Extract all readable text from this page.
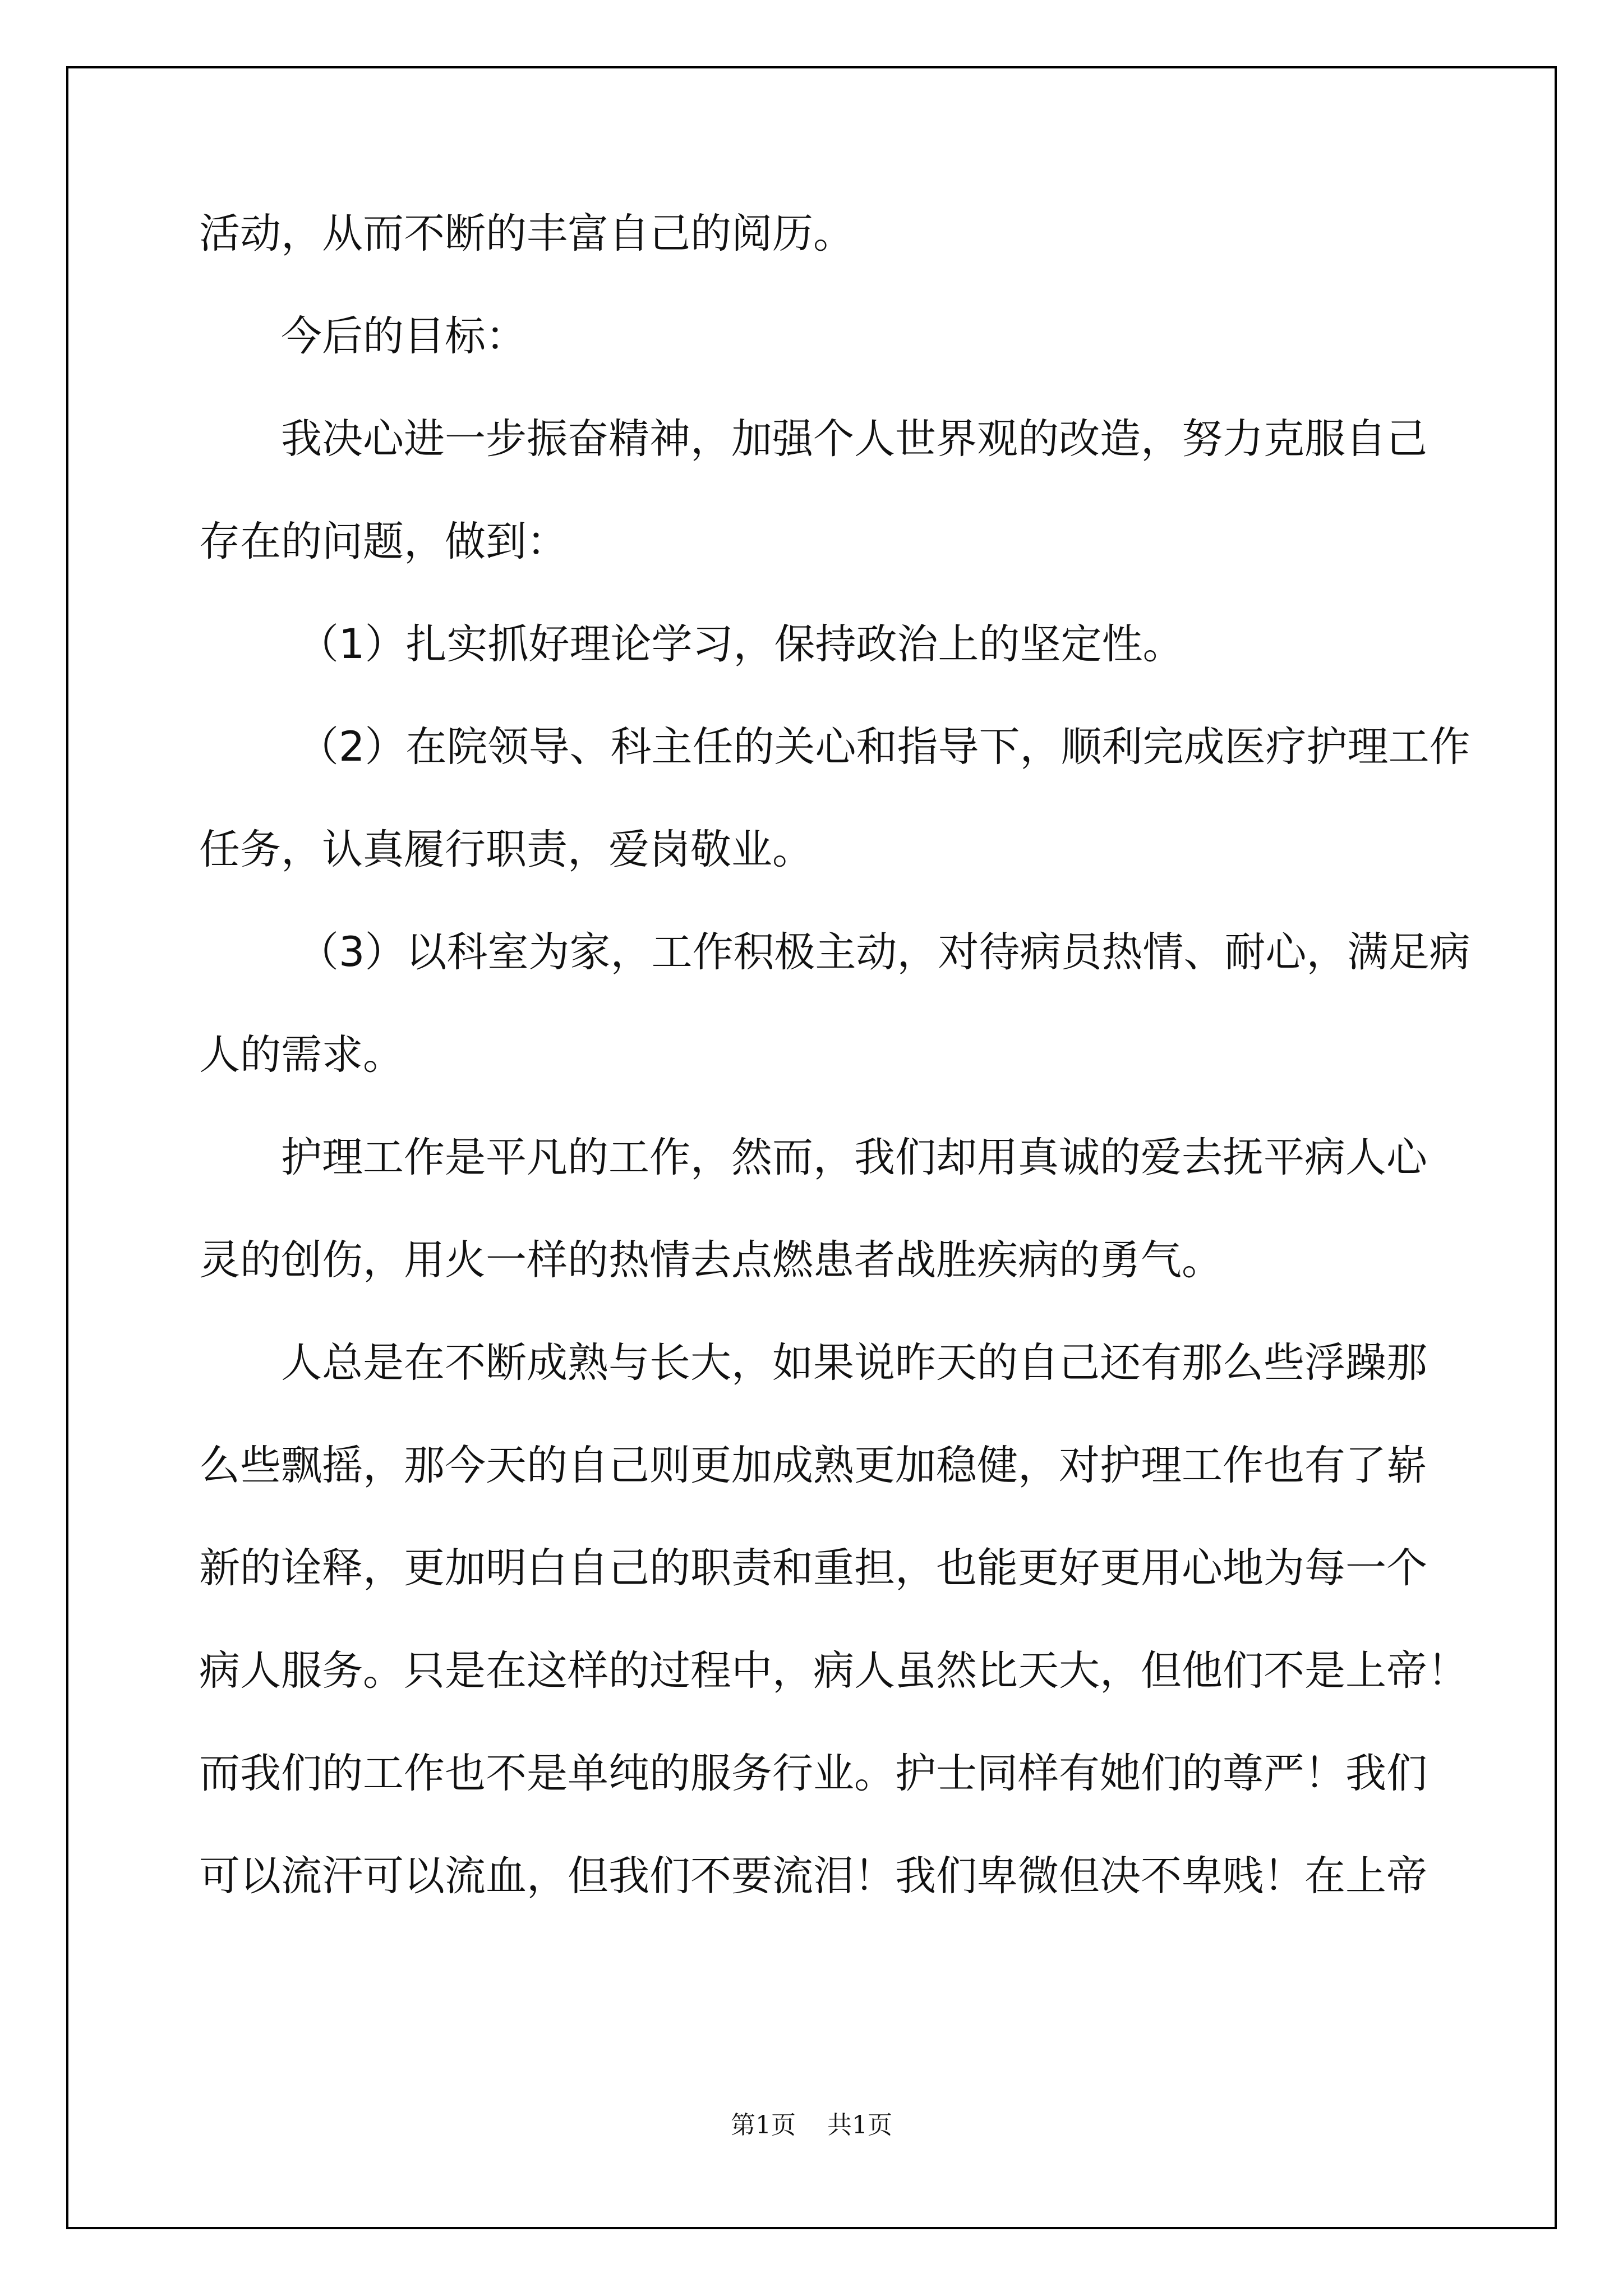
活动，从而不断的丰富自己的阅历。
今后的目标：
我决心进一步振奋精神，加强个人世界观的改造，努力克服自己
存在的问题，做到：
（1）扎实抓好理论学习，保持政治上的坚定性。
（2）在院领导、科主任的关心和指导下，顺利完成医疗护理工作
任务，认真履行职责，爱岗敬业。
（3）以科室为家，工作积极主动，对待病员热情、耐心，满足病
人的需求。
护理工作是平凡的工作，然而，我们却用真诚的爱去抚平病人心
灵的创伤，用火一样的热情去点燃患者战胜疾病的勇气。
人总是在不断成熟与长大，如果说昨天的自己还有那么些浮躁那
么些飘摇，那今天的自己则更加成熟更加稳健，对护理工作也有了崭
新的诠释，更加明白自己的职责和重担，也能更好更用心地为每一个
病人服务。只是在这样的过程中，病人虽然比天大，但他们不是上帝！
而我们的工作也不是单纯的服务行业。护士同样有她们的尊严！我们
可以流汗可以流血，但我们不要流泪！我们卑微但决不卑贱！在上帝
第1页 共1页
